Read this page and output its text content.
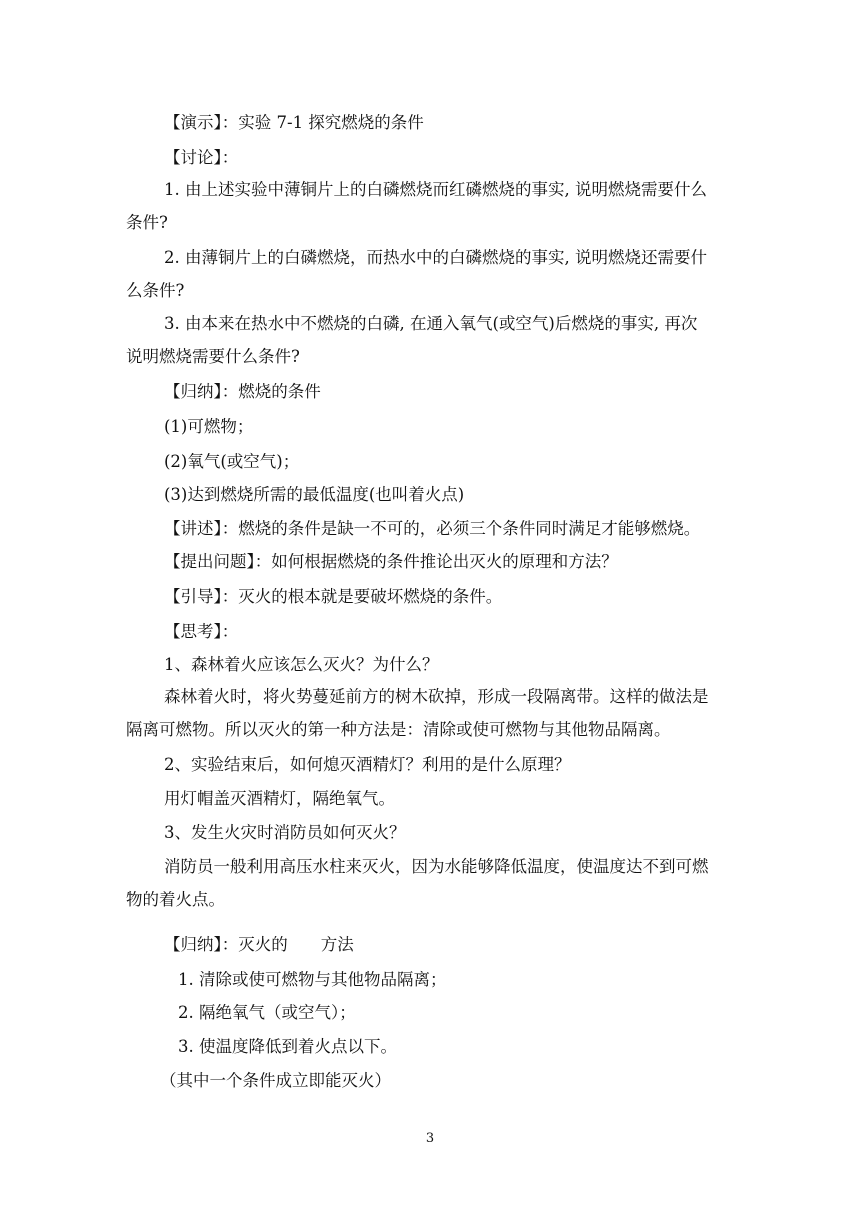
【演示】：实验 7-1 探究燃烧的条件
【讨论】：
1. 由上述实验中薄铜片上的白磷燃烧而红磷燃烧的事实, 说明燃烧需要什么
条件?
2. 由薄铜片上的白磷燃烧，而热水中的白磷燃烧的事实, 说明燃烧还需要什
么条件?
3. 由本来在热水中不燃烧的白磷, 在通入氧气(或空气)后燃烧的事实, 再次
说明燃烧需要什么条件?
【归纳】：燃烧的条件
(1)可燃物；
(2)氧气(或空气)；
(3)达到燃烧所需的最低温度(也叫着火点)
【讲述】：燃烧的条件是缺一不可的，必须三个条件同时满足才能够燃烧。
【提出问题】：如何根据燃烧的条件推论出灭火的原理和方法？
【引导】：灭火的根本就是要破坏燃烧的条件。
【思考】：
1、森林着火应该怎么灭火？为什么？
森林着火时，将火势蔓延前方的树木砍掉，形成一段隔离带。这样的做法是
隔离可燃物。所以灭火的第一种方法是：清除或使可燃物与其他物品隔离。
2、实验结束后，如何熄灭酒精灯？利用的是什么原理？
用灯帽盖灭酒精灯，隔绝氧气。
3、发生火灾时消防员如何灭火？
消防员一般利用高压水柱来灭火，因为水能够降低温度，使温度达不到可燃
物的着火点。
【归纳】：灭火的　　方法
1. 清除或使可燃物与其他物品隔离；
2. 隔绝氧气（或空气）；
3. 使温度降低到着火点以下。
（其中一个条件成立即能灭火）
3
